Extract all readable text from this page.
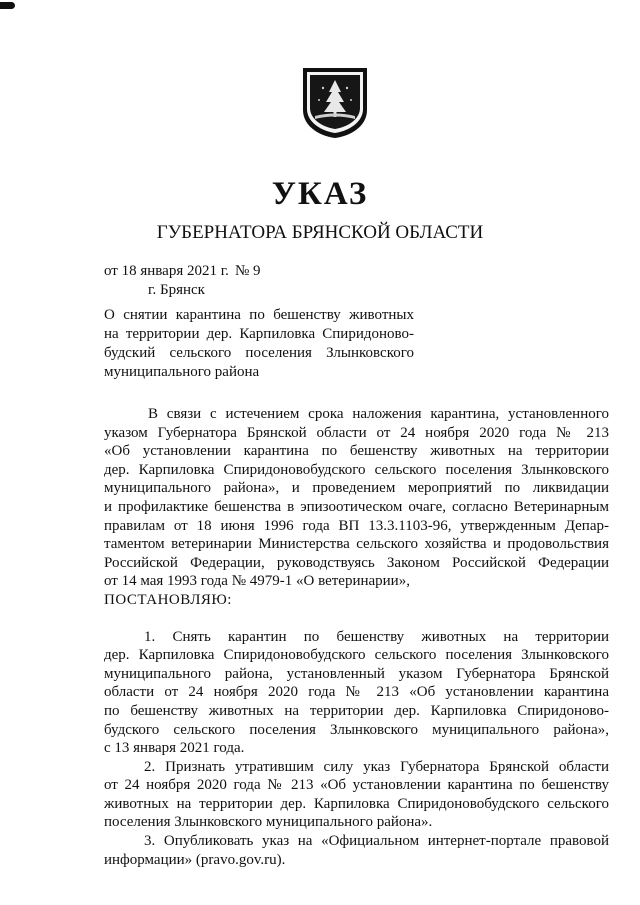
УКАЗ
ГУБЕРНАТОРА БРЯНСКОЙ ОБЛАСТИ
от 18 января 2021 г. № 9
г. Брянск
О снятии карантина по бешенству животных
на территории дер. Карпиловка Спиридоново-
будский сельского поселения Злынковского
муниципального района
В связи с истечением срока наложения карантина, установленного
указом Губернатора Брянской области от 24 ноября 2020 года № 213
«Об установлении карантина по бешенству животных на территории
дер. Карпиловка Спиридоновобудского сельского поселения Злынковского
муниципального района», и проведением мероприятий по ликвидации
и профилактике бешенства в эпизоотическом очаге, согласно Ветеринарным
правилам от 18 июня 1996 года ВП 13.3.1103-96, утвержденным Депар-
таментом ветеринарии Министерства сельского хозяйства и продовольствия
Российской Федерации, руководствуясь Законом Российской Федерации
от 14 мая 1993 года № 4979-1 «О ветеринарии»,
ПОСТАНОВЛЯЮ:
1. Снять карантин по бешенству животных на территории
дер. Карпиловка Спиридоновобудского сельского поселения Злынковского
муниципального района, установленный указом Губернатора Брянской
области от 24 ноября 2020 года № 213 «Об установлении карантина
по бешенству животных на территории дер. Карпиловка Спиридоново-
будского сельского поселения Злынковского муниципального района»,
с 13 января 2021 года.
2. Признать утратившим силу указ Губернатора Брянской области
от 24 ноября 2020 года № 213 «Об установлении карантина по бешенству
животных на территории дер. Карпиловка Спиридоновобудского сельского
поселения Злынковского муниципального района».
3. Опубликовать указ на «Официальном интернет-портале правовой
информации» (pravo.gov.ru).
